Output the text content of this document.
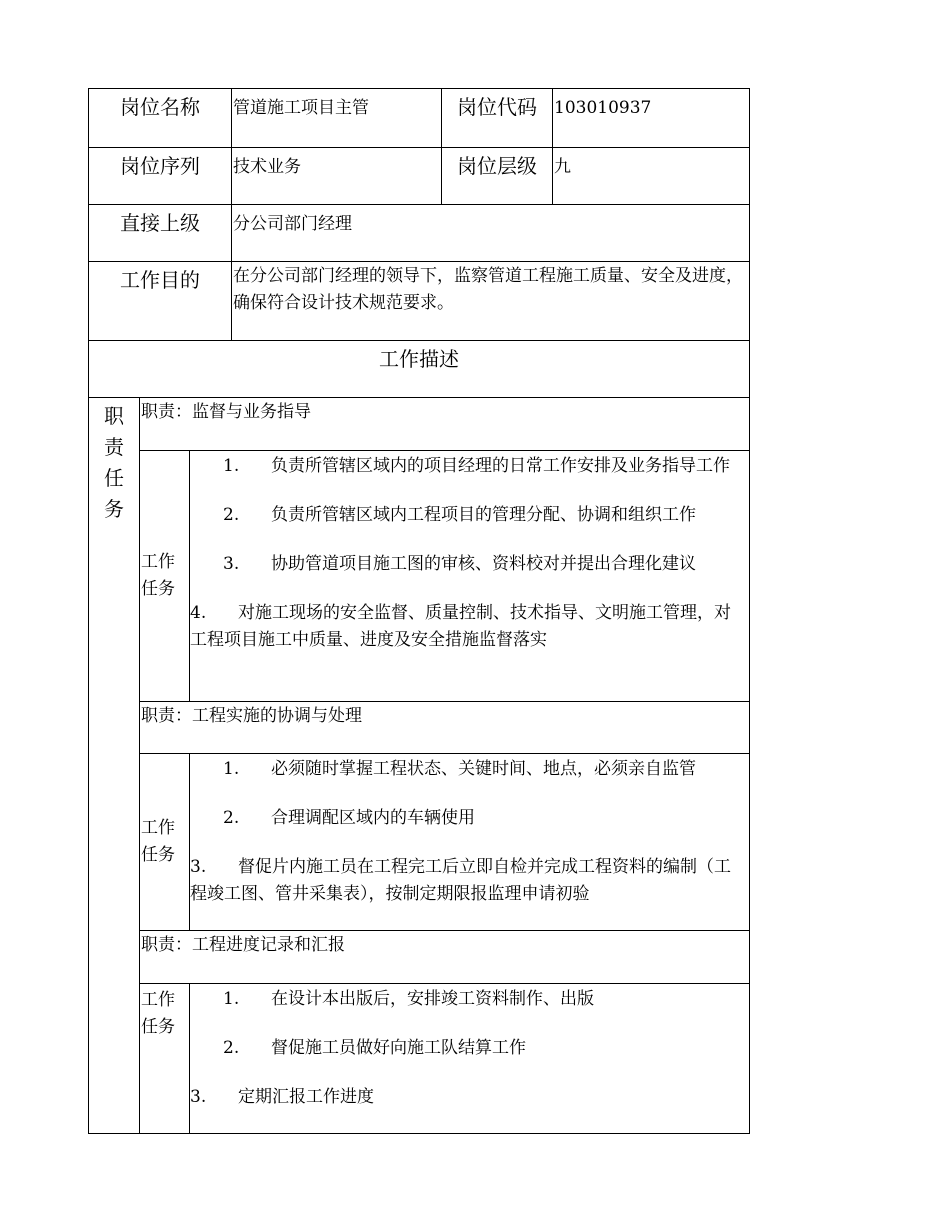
岗位名称			管道施工项目主管	岗位代码	103010937
岗位序列			技术业务	岗位层级	九
直接上级			分公司部门经理		
工作目的			在分公司部门经理的领导下，监察管道工程施工质量、安全及进度，确保符合设计技术规范要求。		
工作描述					

职
责
任
务	职责：监督与业务指导				
	工作任务	1. 负责所管辖区域内的项目经理的日常工作安排及业务指导工作

2. 负责所管辖区域内工程项目的管理分配、协调和组织工作

3. 协助管道项目施工图的审核、资料校对并提出合理化建议

4. 对施工现场的安全监督、质量控制、技术指导、文明施工管理，对工程项目施工中质量、进度及安全措施监督落实			

	职责：工程实施的协调与处理				
	工作任务	1. 必须随时掌握工程状态、关键时间、地点，必须亲自监管

2. 合理调配区域内的车辆使用

3. 督促片内施工员在工程完工后立即自检并完成工程资料的编制（工程竣工图、管井采集表），按制定期限报监理申请初验			

	职责：工程进度记录和汇报				
	工作任务	1. 在设计本出版后，安排竣工资料制作、出版

2. 督促施工员做好向施工队结算工作

3. 定期汇报工作进度			
